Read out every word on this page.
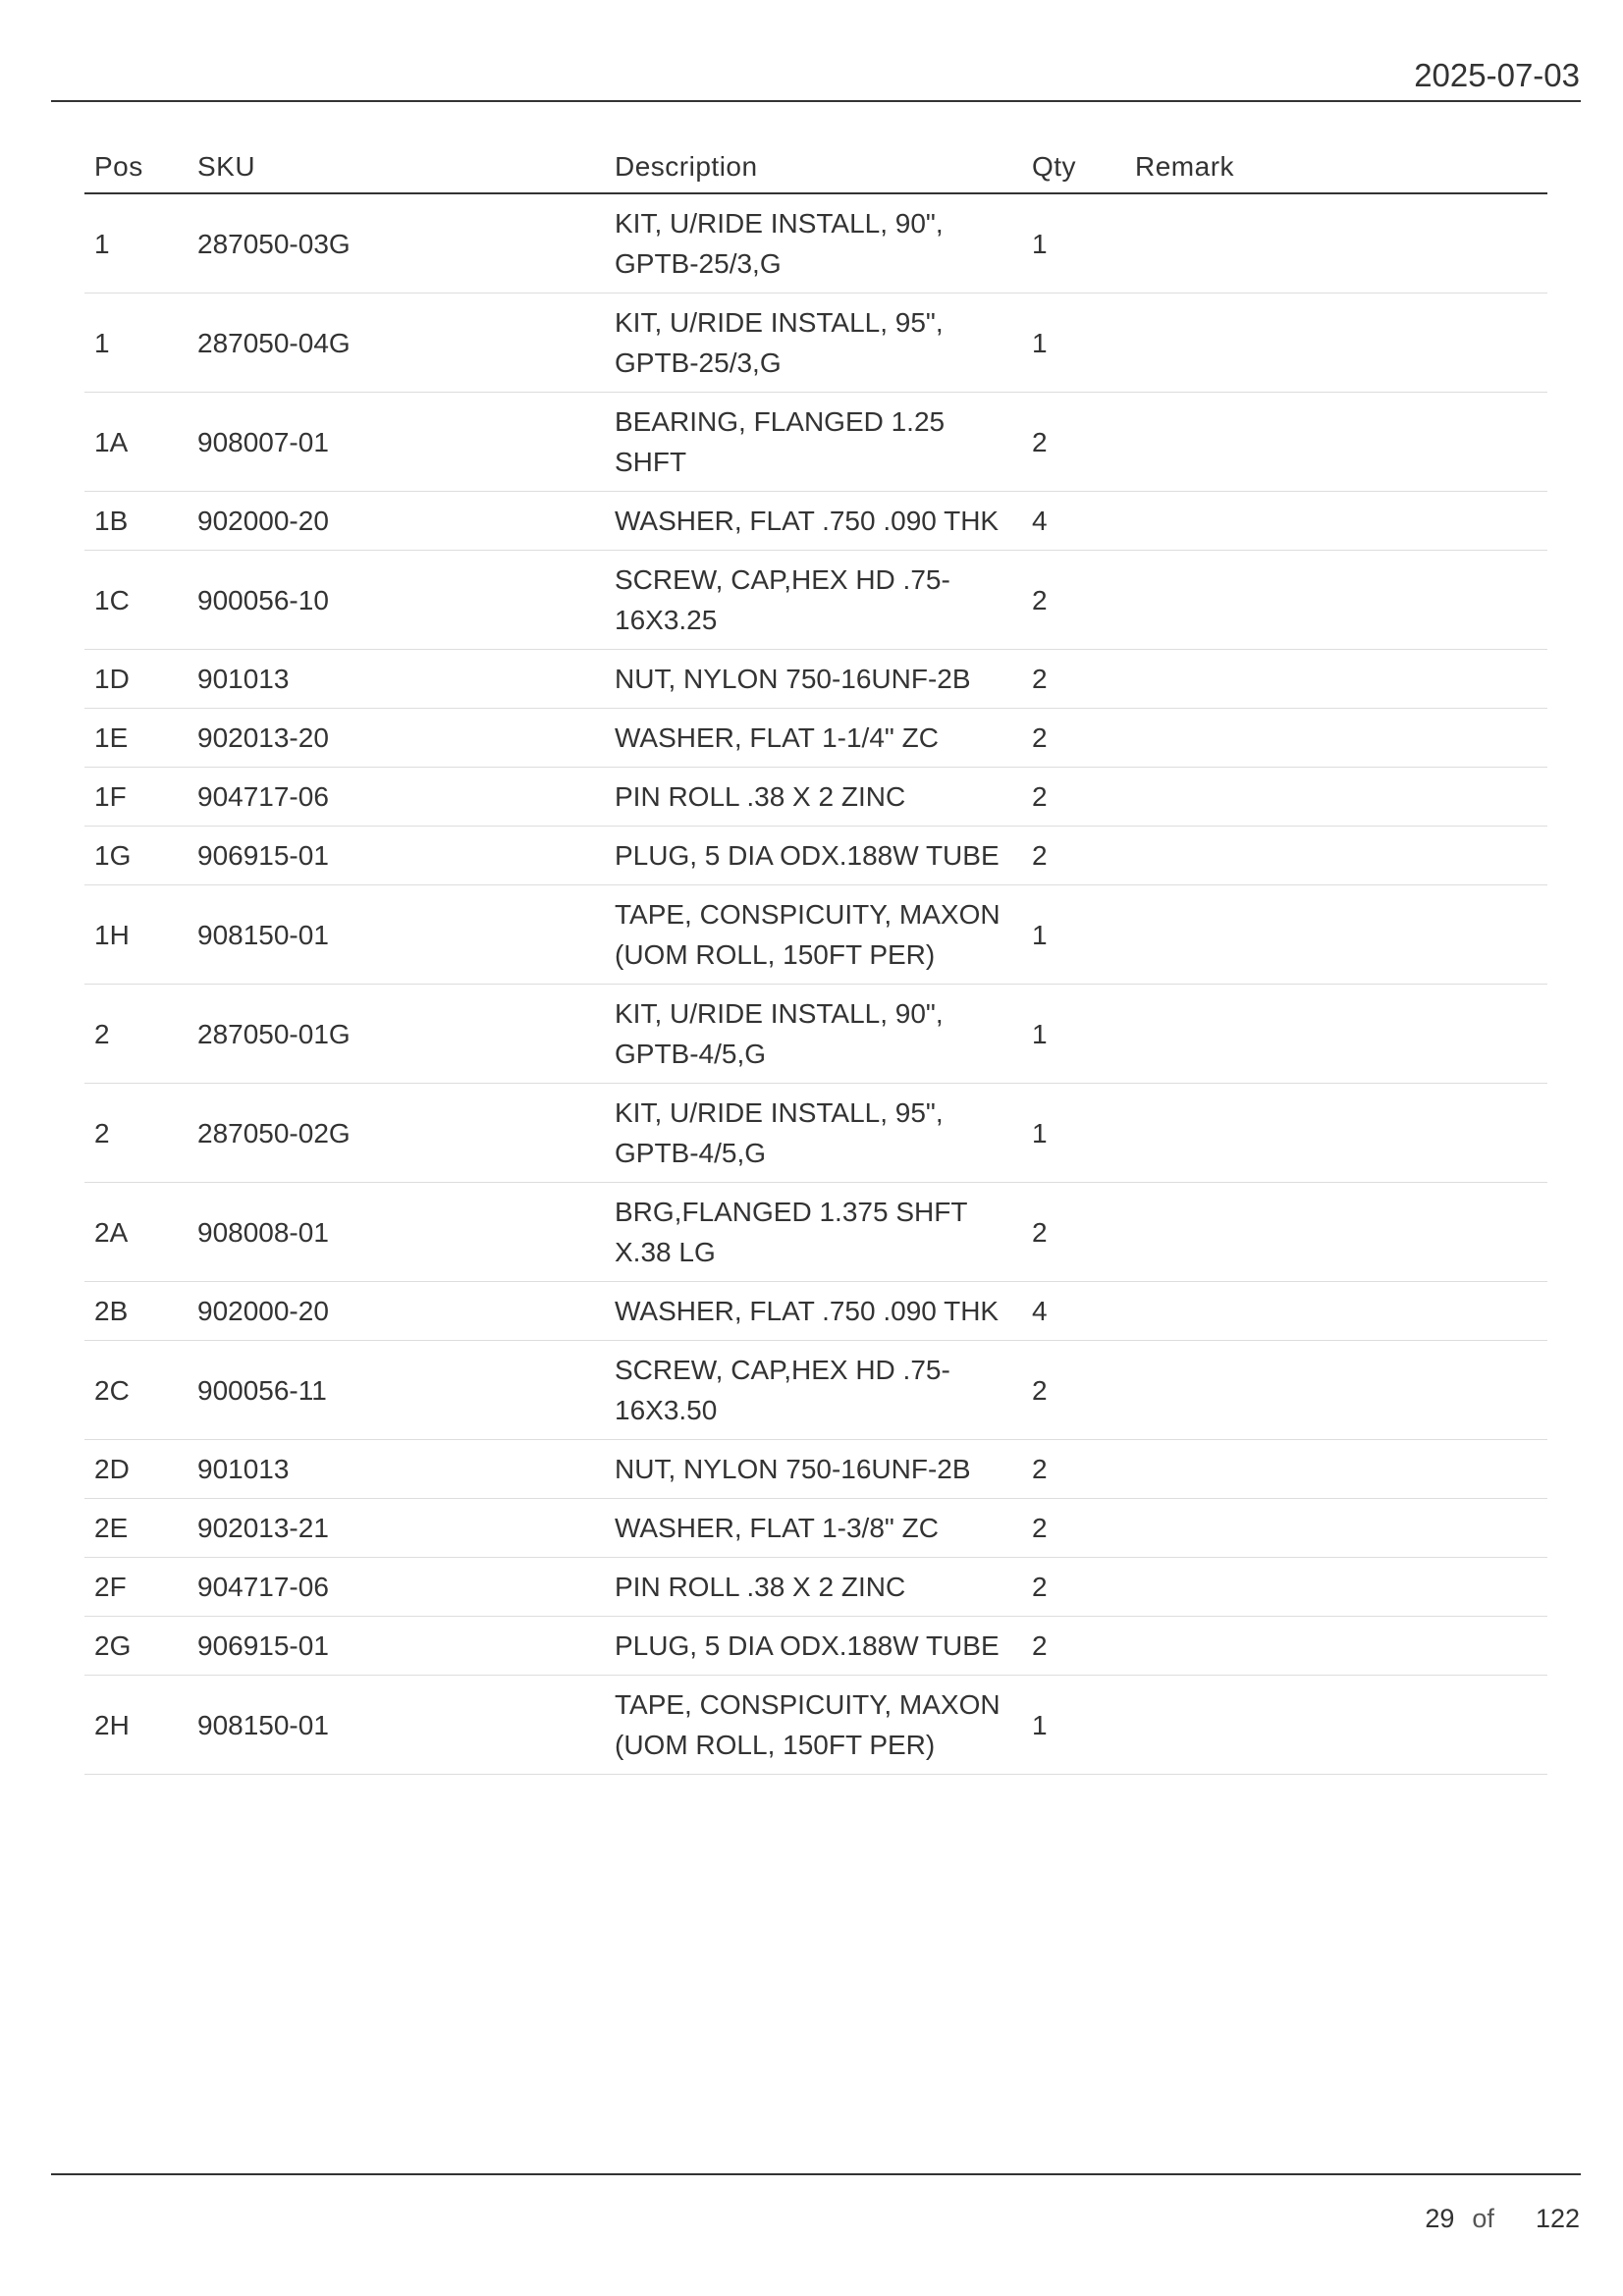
2025-07-03
Pos	SKU	Description	Qty	Remark
1	287050-03G	KIT, U/RIDE INSTALL, 90", GPTB-25/3,G	1	
1	287050-04G	KIT, U/RIDE INSTALL, 95", GPTB-25/3,G	1	
1A	908007-01	BEARING, FLANGED 1.25 SHFT	2	
1B	902000-20	WASHER, FLAT .750 .090 THK	4	
1C	900056-10	SCREW, CAP,HEX HD .75-16X3.25	2	
1D	901013	NUT, NYLON 750-16UNF-2B	2	
1E	902013-20	WASHER, FLAT 1-1/4" ZC	2	
1F	904717-06	PIN ROLL .38 X 2 ZINC	2	
1G	906915-01	PLUG, 5 DIA ODX.188W TUBE	2	
1H	908150-01	TAPE, CONSPICUITY, MAXON (UOM ROLL, 150FT PER)	1	
2	287050-01G	KIT, U/RIDE INSTALL, 90", GPTB-4/5,G	1	
2	287050-02G	KIT, U/RIDE INSTALL, 95", GPTB-4/5,G	1	
2A	908008-01	BRG,FLANGED 1.375 SHFT X.38 LG	2	
2B	902000-20	WASHER, FLAT .750 .090 THK	4	
2C	900056-11	SCREW, CAP,HEX HD .75-16X3.50	2	
2D	901013	NUT, NYLON 750-16UNF-2B	2	
2E	902013-21	WASHER, FLAT 1-3/8" ZC	2	
2F	904717-06	PIN ROLL .38 X 2 ZINC	2	
2G	906915-01	PLUG, 5 DIA ODX.188W TUBE	2	
2H	908150-01	TAPE, CONSPICUITY, MAXON (UOM ROLL, 150FT PER)	1	
29 of 122
